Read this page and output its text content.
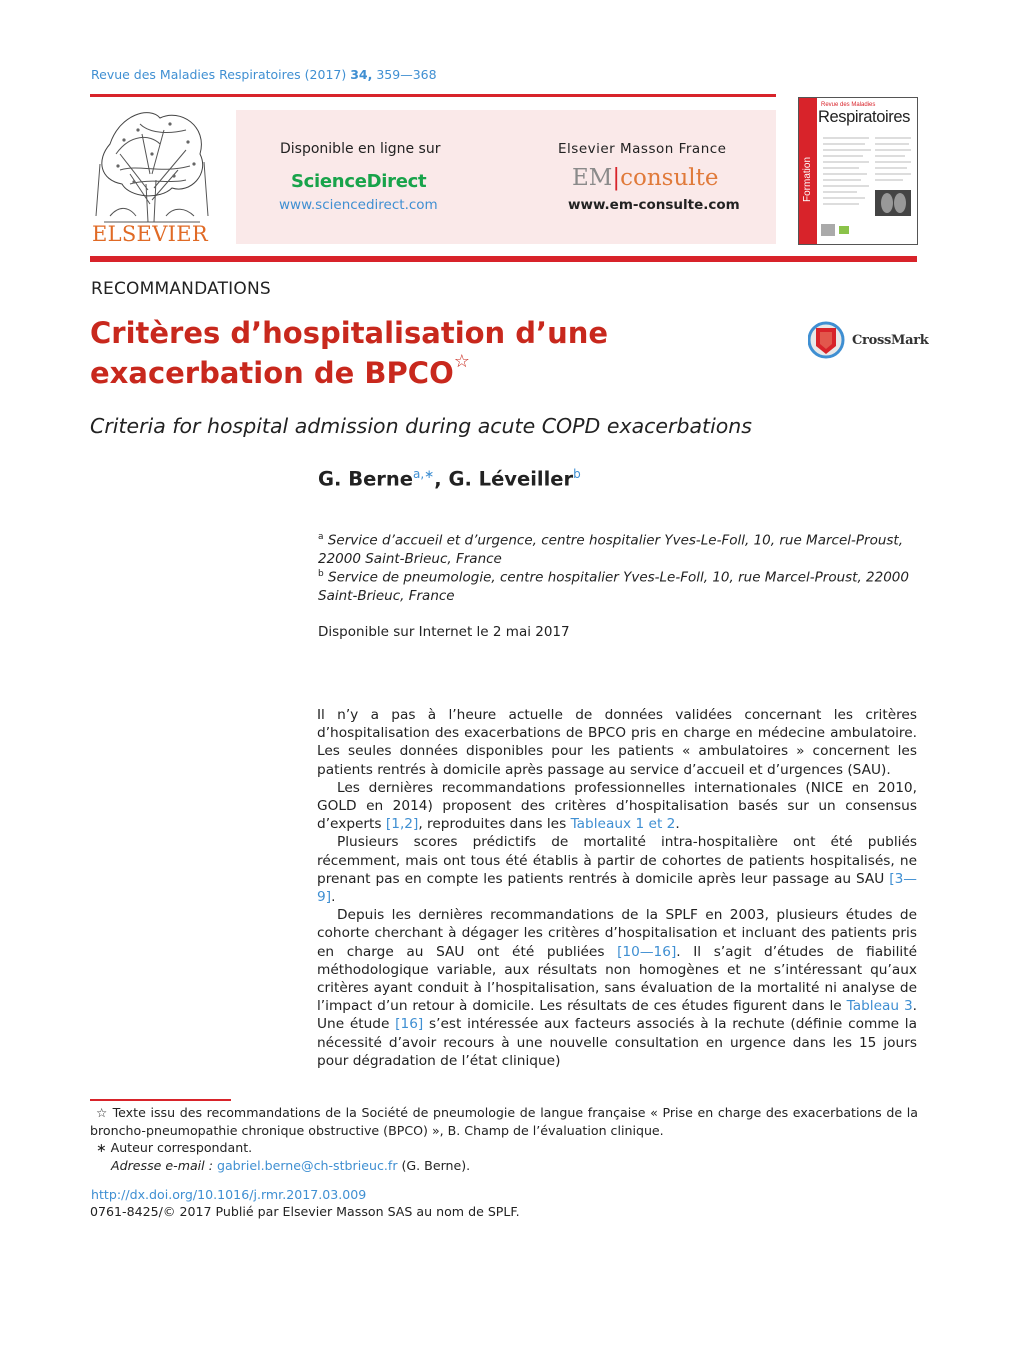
Revue des Maladies Respiratoires (2017) 34, 359—368
ELSEVIER
Disponible en ligne sur
ScienceDirect
www.sciencedirect.com
Elsevier Masson France
EM|consulte
www.em-consulte.com
Revue des Maladies
Respiratoires
Formation
RECOMMANDATIONS
Critères d’hospitalisation d’une
exacerbation de BPCO☆
CrossMark
Criteria for hospital admission during acute COPD exacerbations
G. Berne$^{a,∗}$, G. Léveiller$^b$
$^a$ Service d’accueil et d’urgence, centre hospitalier Yves-Le-Foll, 10, rue Marcel-Proust, 22000 Saint-Brieuc, France
$^b$ Service de pneumologie, centre hospitalier Yves-Le-Foll, 10, rue Marcel-Proust, 22000 Saint-Brieuc, France
Disponible sur Internet le 2 mai 2017

Il n’y a pas à l’heure actuelle de données validées concernant les critères d’hospitalisation des exacerbations de BPCO pris en charge en médecine ambulatoire. Les seules données disponibles pour les patients « ambulatoires » concernent les patients rentrés à domicile après passage au service d’accueil et d’urgences (SAU).

Les dernières recommandations professionnelles internationales (NICE en 2010, GOLD en 2014) proposent des critères d’hospitalisation basés sur un consensus d’experts [1,2], reproduites dans les Tableaux 1 et 2.

Plusieurs scores prédictifs de mortalité intra-hospitalière ont été publiés récemment, mais ont tous été établis à partir de cohortes de patients hospitalisés, ne prenant pas en compte les patients rentrés à domicile après leur passage au SAU [3—9].

Depuis les dernières recommandations de la SPLF en 2003, plusieurs études de cohorte cherchant à dégager les critères d’hospitalisation et incluant des patients pris en charge au SAU ont été publiées [10—16]. Il s’agit d’études de fiabilité méthodologique variable, aux résultats non homogènes et ne s’intéressant qu’aux critères ayant conduit à l’hospitalisation, sans évaluation de la mortalité ni analyse de l’impact d’un retour à domicile. Les résultats de ces études figurent dans le Tableau 3. Une étude [16] s’est intéressée aux facteurs associés à la rechute (définie comme la nécessité d’avoir recours à une nouvelle consultation en urgence dans les 15 jours pour dégradation de l’état clinique)

☆ Texte issu des recommandations de la Société de pneumologie de langue française « Prise en charge des exacerbations de la broncho-pneumopathie chronique obstructive (BPCO) », B. Champ de l’évaluation clinique.
∗ Auteur correspondant.
Adresse e-mail : gabriel.berne@ch-stbrieuc.fr (G. Berne).
http://dx.doi.org/10.1016/j.rmr.2017.03.009
0761-8425/© 2017 Publié par Elsevier Masson SAS au nom de SPLF.
